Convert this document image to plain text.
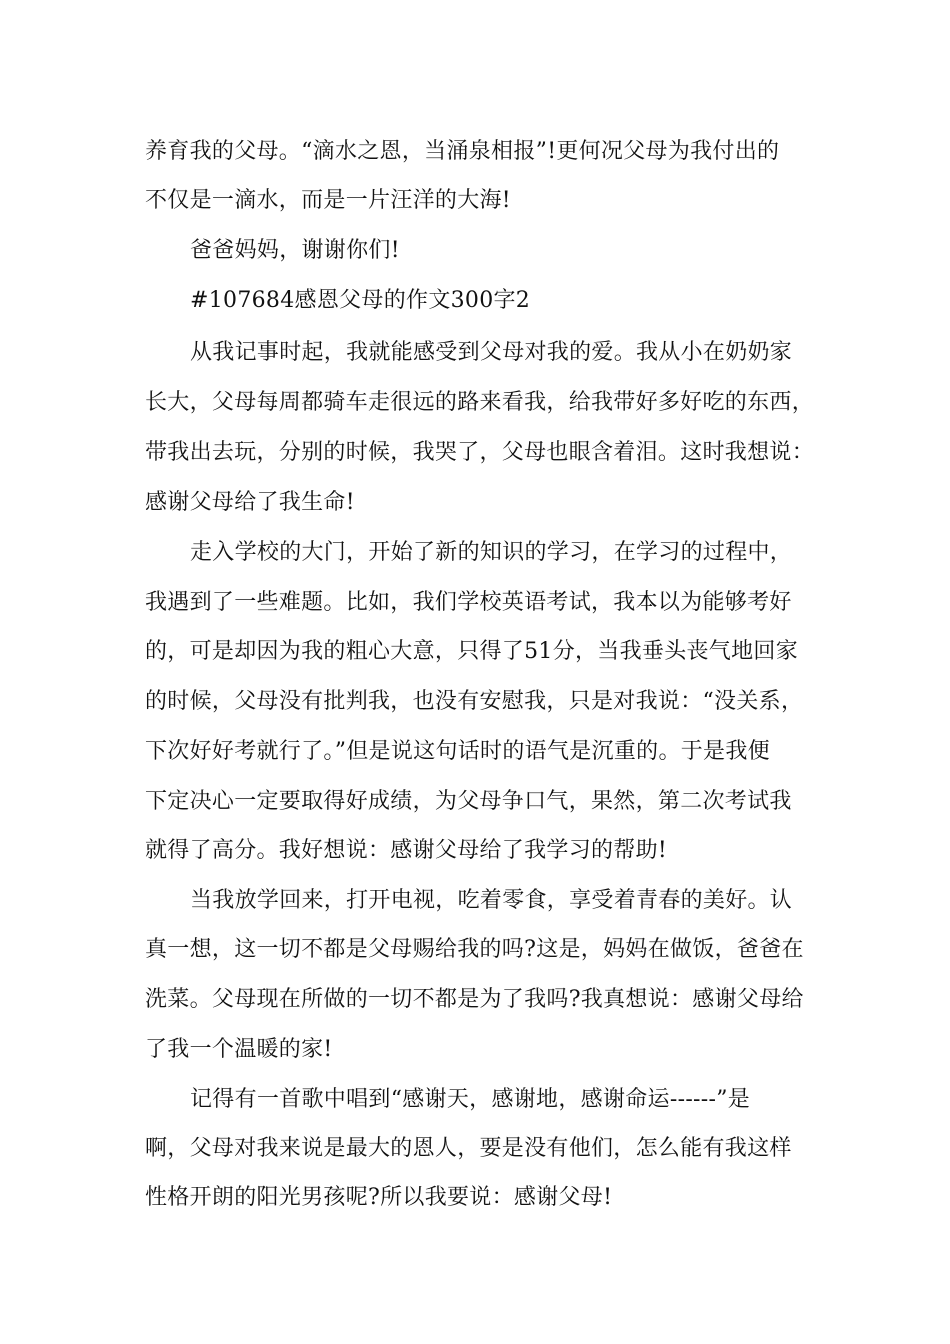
养育我的父母。“滴水之恩，当涌泉相报”!更何况父母为我付出的
不仅是一滴水，而是一片汪洋的大海!
爸爸妈妈，谢谢你们!
#107684感恩父母的作文300字2
从我记事时起，我就能感受到父母对我的爱。我从小在奶奶家
长大，父母每周都骑车走很远的路来看我，给我带好多好吃的东西，
带我出去玩，分别的时候，我哭了，父母也眼含着泪。这时我想说：
感谢父母给了我生命!
走入学校的大门，开始了新的知识的学习，在学习的过程中，
我遇到了一些难题。比如，我们学校英语考试，我本以为能够考好
的，可是却因为我的粗心大意，只得了51分，当我垂头丧气地回家
的时候，父母没有批判我，也没有安慰我，只是对我说：“没关系，
下次好好考就行了。”但是说这句话时的语气是沉重的。于是我便
下定决心一定要取得好成绩，为父母争口气，果然，第二次考试我
就得了高分。我好想说：感谢父母给了我学习的帮助!
当我放学回来，打开电视，吃着零食，享受着青春的美好。认
真一想，这一切不都是父母赐给我的吗?这是，妈妈在做饭，爸爸在
洗菜。父母现在所做的一切不都是为了我吗?我真想说：感谢父母给
了我一个温暖的家!
记得有一首歌中唱到“感谢天，感谢地，感谢命运------”是
啊，父母对我来说是最大的恩人，要是没有他们，怎么能有我这样
性格开朗的阳光男孩呢?所以我要说：感谢父母!
